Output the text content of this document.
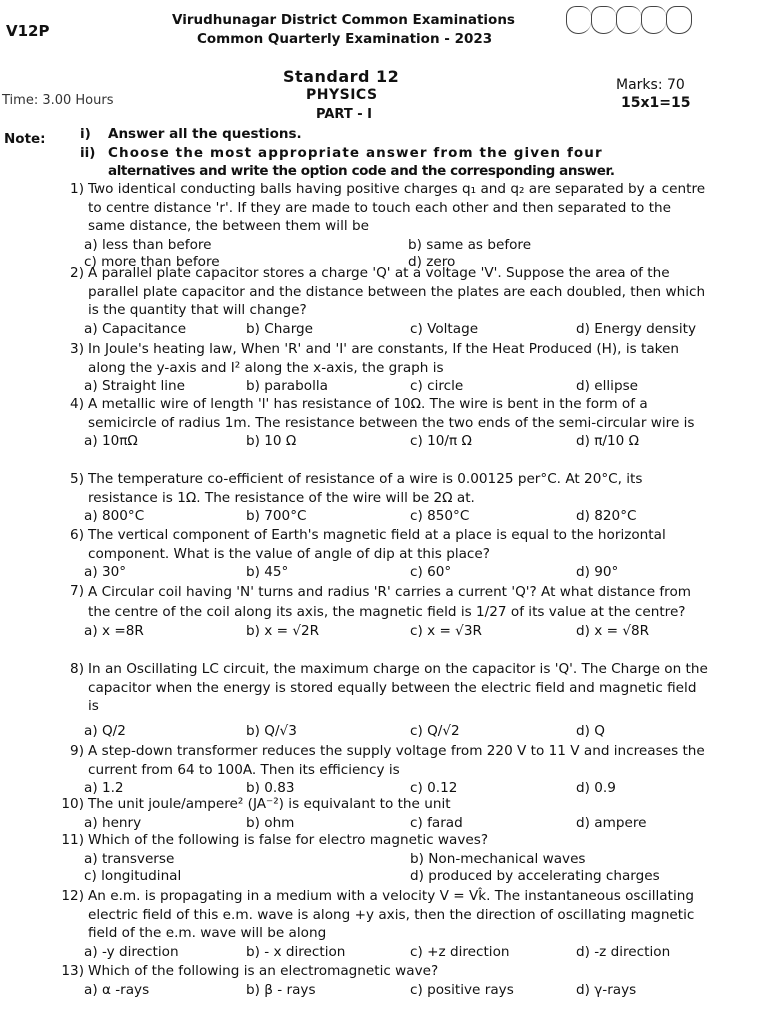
V12P
Virudhunagar District Common Examinations
Common Quarterly Examination - 2023
Standard 12
PHYSICS
PART - I
Time: 3.00 Hours
Marks: 70
15x1=15
Note:	i) Answer all the questions.
ii) Choose the most appropriate answer from the given four
alternatives and write the option code and the corresponding answer.
1) Two identical conducting balls having positive charges q₁ and q₂ are separated by a centre to centre distance 'r'. If they are made to touch each other and then separated to the same distance, the between them will be
a) less than before	b) same as before
c) more than before	d) zero
2) A parallel plate capacitor stores a charge 'Q' at a voltage 'V'. Suppose the area of the parallel plate capacitor and the distance between the plates are each doubled, then which is the quantity that will change?
a) Capacitance	b) Charge	c) Voltage	d) Energy density
3) In Joule's heating law, When 'R' and 'I' are constants, If the Heat Produced (H), is taken along the y-axis and I² along the x-axis, the graph is
a) Straight line	b) parabolla	c) circle	d) ellipse
4) A metallic wire of length 'l' has resistance of 10Ω. The wire is bent in the form of a semicircle of radius 1m. The resistance between the two ends of the semi-circular wire is
a) 10πΩ	b) 10 Ω	c) 10/π Ω	d) π/10 Ω
5) The temperature co-efficient of resistance of a wire is 0.00125 per°C. At 20°C, its resistance is 1Ω. The resistance of the wire will be 2Ω at.
a) 800°C	b) 700°C	c) 850°C	d) 820°C
6) The vertical component of Earth's magnetic field at a place is equal to the horizontal component. What is the value of angle of dip at this place?
a) 30°	b) 45°	c) 60°	d) 90°
7) A Circular coil having 'N' turns and radius 'R' carries a current 'Q'? At what distance from the centre of the coil along its axis, the magnetic field is 1/27 of its value at the centre?
a) x =8R	b) x = √2R	c) x = √3R	d) x = √8R
8) In an Oscillating LC circuit, the maximum charge on the capacitor is 'Q'. The Charge on the capacitor when the energy is stored equally between the electric field and magnetic field is
a) Q/2	b) Q/√3	c) Q/√2	d) Q
9) A step-down transformer reduces the supply voltage from 220 V to 11 V and increases the current from 64 to 100A. Then its efficiency is
a) 1.2	b) 0.83	c) 0.12	d) 0.9
10) The unit joule/ampere² (JA⁻²) is equivalant to the unit
a) henry	b) ohm	c) farad	d) ampere
11) Which of the following is false for electro magnetic waves?
a) transverse	b) Non-mechanical waves
c) longitudinal	d) produced by accelerating charges
12) An e.m. is propagating in a medium with a velocity V = Vk̂. The instantaneous oscillating electric field of this e.m. wave is along +y axis, then the direction of oscillating magnetic field of the e.m. wave will be along
a) -y direction	b) - x direction	c) +z direction	d) -z direction
13) Which of the following is an electromagnetic wave?
a) α -rays	b) β - rays	c) positive rays	d) γ-rays
